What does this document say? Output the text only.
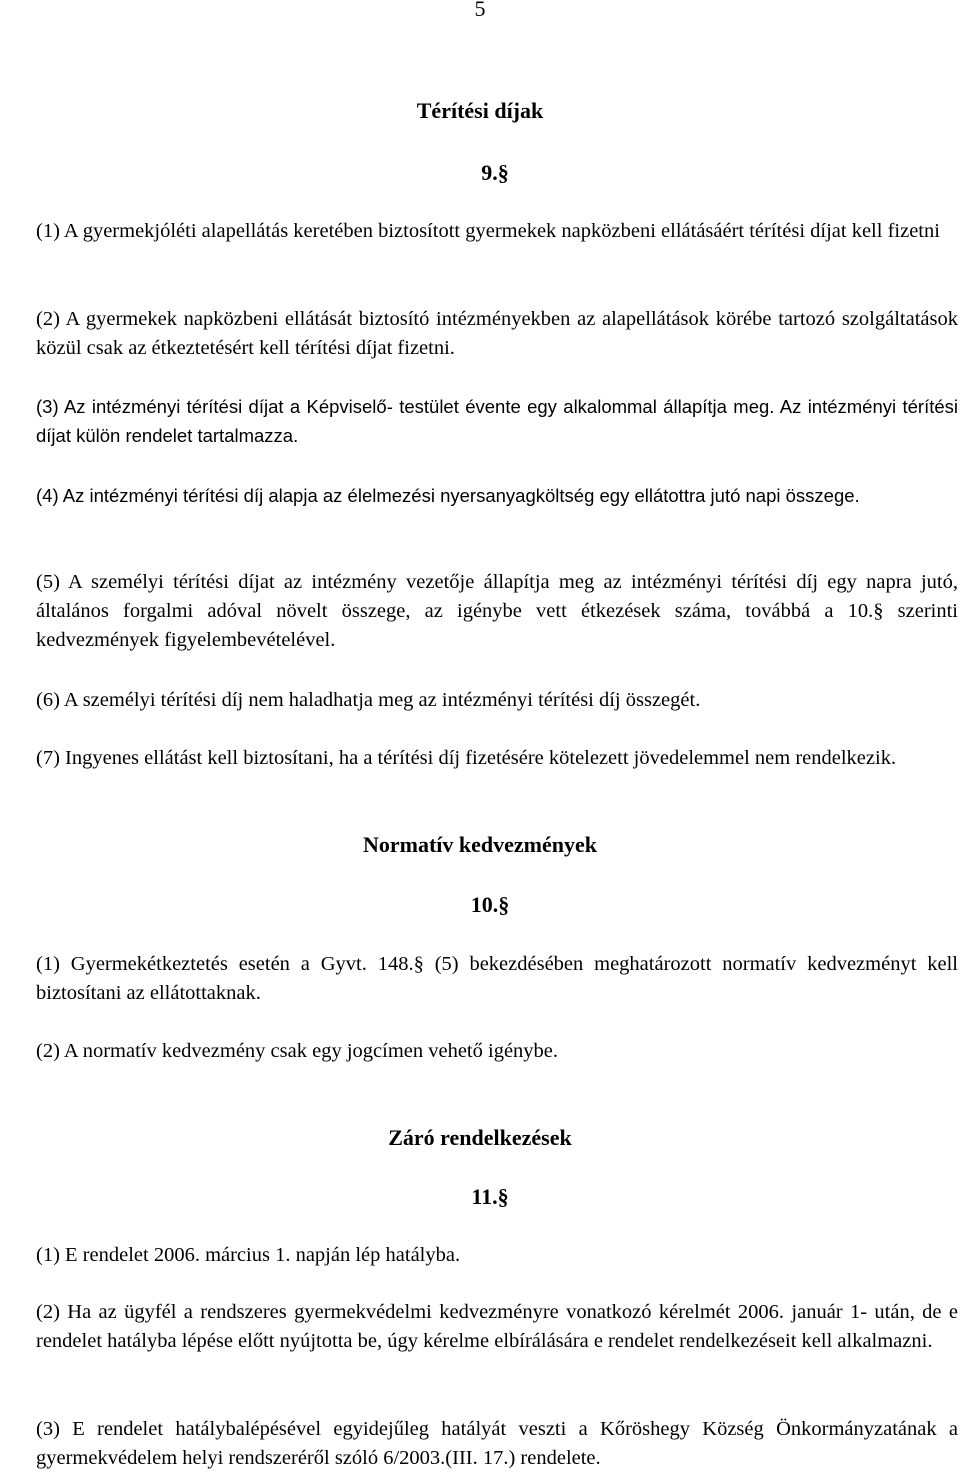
5
Térítési díjak
9.§
(1) A gyermekjóléti alapellátás keretében biztosított gyermekek napközbeni ellátásáért térítési díjat kell fizetni
(2) A gyermekek napközbeni ellátását biztosító intézményekben az alapellátások körébe tartozó szolgáltatások közül csak az étkeztetésért kell térítési díjat fizetni.
(3) Az intézményi térítési díjat a Képviselő- testület évente egy alkalommal állapítja meg. Az intézményi térítési díjat külön rendelet tartalmazza.
(4) Az intézményi térítési díj alapja az élelmezési nyersanyagköltség egy ellátottra jutó napi összege.
(5) A személyi térítési díjat az intézmény vezetője állapítja meg az intézményi térítési díj egy napra jutó, általános forgalmi adóval növelt összege, az igénybe vett étkezések száma, továbbá a 10.§ szerinti kedvezmények figyelembevételével.
(6) A személyi térítési díj nem haladhatja meg az intézményi térítési díj összegét.
(7) Ingyenes ellátást kell biztosítani, ha a térítési díj fizetésére kötelezett jövedelemmel nem rendelkezik.
Normatív kedvezmények
10.§
(1) Gyermekétkeztetés esetén a Gyvt. 148.§ (5) bekezdésében meghatározott normatív kedvezményt kell biztosítani az ellátottaknak.
(2) A normatív kedvezmény csak egy jogcímen vehető igénybe.
Záró rendelkezések
11.§
(1) E rendelet 2006. március 1. napján lép hatályba.
(2) Ha az ügyfél a rendszeres gyermekvédelmi kedvezményre vonatkozó kérelmét 2006. január 1- után, de e rendelet hatályba lépése előtt nyújtotta be, úgy kérelme elbírálására e rendelet rendelkezéseit kell alkalmazni.
(3) E rendelet hatálybalépésével egyidejűleg hatályát veszti a Kőröshegy Község Önkormányzatának a gyermekvédelem helyi rendszeréről szóló 6/2003.(III. 17.) rendelete.
